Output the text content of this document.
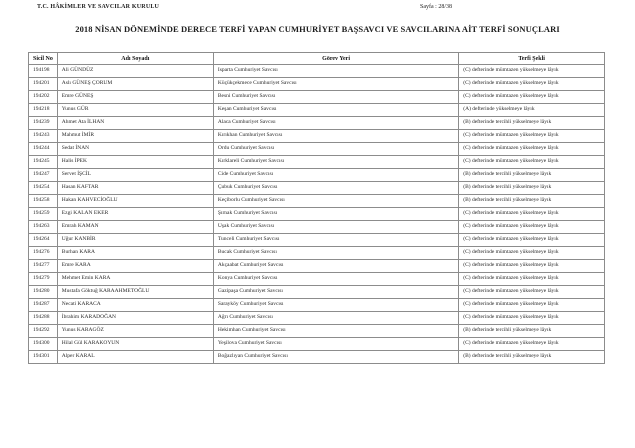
T.C. HÂKİMLER VE SAVCILAR KURULU	Sayfa : 28/38
2018 NİSAN DÖNEMİNDE DERECE TERFİ YAPAN CUMHURİYET BAŞSAVCI VE SAVCILARINA AİT TERFİ SONUÇLARI
Sicil No	Adı Soyadı	Görev Yeri	Terfi Şekli
194198	Ali GÜNDÜZ	Isparta Cumhuriyet Savcısı	(C) defterinde mümtazen yükselmeye lâyık
194201	Aslı GÜNEŞ ÇORUM	Küçükçekmece Cumhuriyet Savcısı	(C) defterinde mümtazen yükselmeye lâyık
194202	Emre GÜNEŞ	Besni Cumhuriyet Savcısı	(C) defterinde mümtazen yükselmeye lâyık
194218	Yunus GÜR	Keşan Cumhuriyet Savcısı	(A) defterinde yükselmeye lâyık
194239	Ahmet Ata İLHAN	Alaca Cumhuriyet Savcısı	(B) defterinde tercihli yükselmeye lâyık
194243	Mahmut İMİR	Kırıkhan Cumhuriyet Savcısı	(C) defterinde mümtazen yükselmeye lâyık
194244	Sedat İNAN	Ordu Cumhuriyet Savcısı	(C) defterinde mümtazen yükselmeye lâyık
194245	Halis İPEK	Kırklareli Cumhuriyet Savcısı	(C) defterinde mümtazen yükselmeye lâyık
194247	Servet İŞCİL	Cide Cumhuriyet Savcısı	(B) defterinde tercihli yükselmeye lâyık
194254	Hasan KAFTAR	Çubuk Cumhuriyet Savcısı	(B) defterinde tercihli yükselmeye lâyık
194258	Hakan KAHVECİOĞLU	Keçiborlu Cumhuriyet Savcısı	(B) defterinde tercihli yükselmeye lâyık
194259	Ezgi KALAN EKER	Şırnak Cumhuriyet Savcısı	(C) defterinde mümtazen yükselmeye lâyık
194263	Emrah KAMAN	Uşak Cumhuriyet Savcısı	(C) defterinde mümtazen yükselmeye lâyık
194264	Uğur KANBİR	Tunceli Cumhuriyet Savcısı	(C) defterinde mümtazen yükselmeye lâyık
194276	Burhan KARA	Bucak Cumhuriyet Savcısı	(C) defterinde mümtazen yükselmeye lâyık
194277	Emre KARA	Akçaabat Cumhuriyet Savcısı	(C) defterinde mümtazen yükselmeye lâyık
194279	Mehmet Emin KARA	Konya Cumhuriyet Savcısı	(C) defterinde mümtazen yükselmeye lâyık
194280	Mustafa Göktuğ KARAAHMETOĞLU	Gazipaşa Cumhuriyet Savcısı	(C) defterinde mümtazen yükselmeye lâyık
194287	Necati KARACA	Sarayköy Cumhuriyet Savcısı	(C) defterinde mümtazen yükselmeye lâyık
194288	İbrahim KARADOĞAN	Ağrı Cumhuriyet Savcısı	(C) defterinde mümtazen yükselmeye lâyık
194292	Yunus KARAGÖZ	Hekimhan Cumhuriyet Savcısı	(B) defterinde tercihli yükselmeye lâyık
194300	Hilal Gül KARAKOYUN	Yeşilova Cumhuriyet Savcısı	(C) defterinde mümtazen yükselmeye lâyık
194301	Alper KARAL	Boğazlıyan Cumhuriyet Savcısı	(B) defterinde tercihli yükselmeye lâyık
